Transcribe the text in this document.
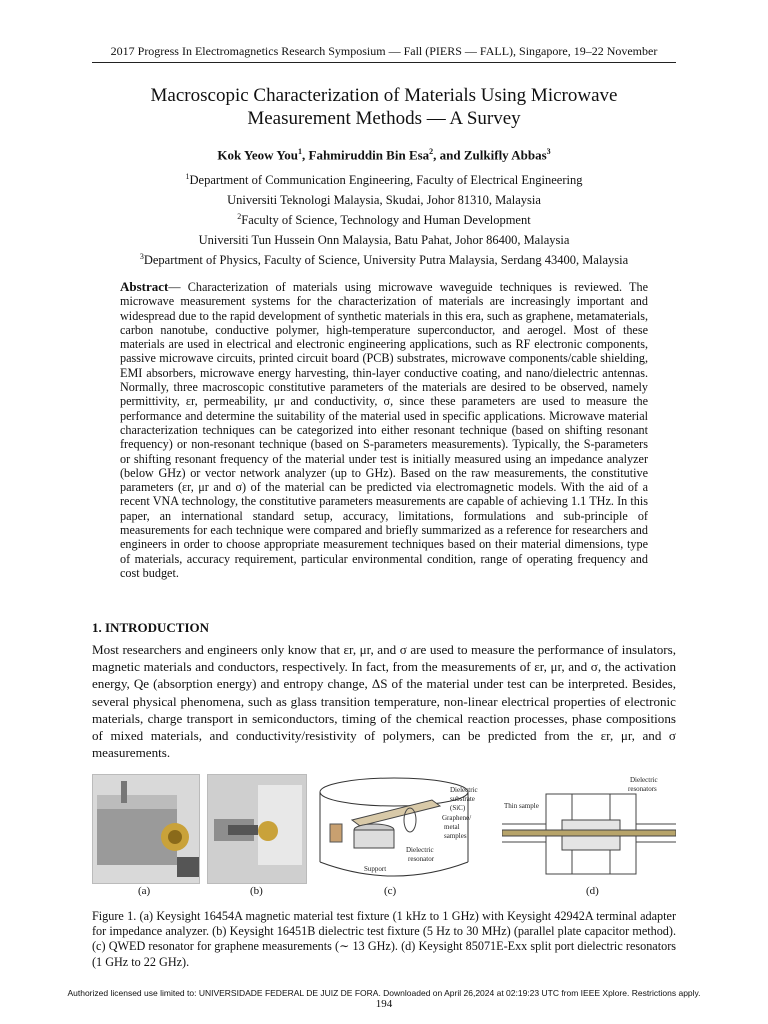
2017 Progress In Electromagnetics Research Symposium — Fall (PIERS — FALL), Singapore, 19–22 November
Macroscopic Characterization of Materials Using Microwave
Measurement Methods — A Survey
Kok Yeow You$^1$, Fahmiruddin Bin Esa$^2$, and Zulkifly Abbas$^3$
$^1$Department of Communication Engineering, Faculty of Electrical Engineering
Universiti Teknologi Malaysia, Skudai, Johor 81310, Malaysia
$^2$Faculty of Science, Technology and Human Development
Universiti Tun Hussein Onn Malaysia, Batu Pahat, Johor 86400, Malaysia
$^3$Department of Physics, Faculty of Science, University Putra Malaysia, Serdang 43400, Malaysia
Abstract— Characterization of materials using microwave waveguide techniques is reviewed. The microwave measurement systems for the characterization of materials are increasingly important and widespread due to the rapid development of synthetic materials in this era, such as graphene, metamaterials, carbon nanotube, conductive polymer, high-temperature superconductor, and aerogel. Most of these materials are used in electrical and electronic engineering applications, such as RF electronic components, passive microwave circuits, printed circuit board (PCB) substrates, microwave components/cable shielding, EMI absorbers, microwave energy harvesting, thin-layer conductive coating, and nano/dielectric antennas. Normally, three macroscopic constitutive parameters of the materials are desired to be observed, namely permittivity, εr, permeability, μr and conductivity, σ, since these parameters are used to measure the performance and determine the suitability of the material used in specific applications. Microwave material characterization techniques can be categorized into either resonant technique (based on shifting resonant frequency) or non-resonant technique (based on S-parameters measurements). Typically, the S-parameters or shifting resonant frequency of the material under test is initially measured using an impedance analyzer (below GHz) or vector network analyzer (up to GHz). Based on the raw measurements, the constitutive parameters (εr, μr and σ) of the material can be predicted via electromagnetic models. With the aid of a recent VNA technology, the constitutive parameters measurements are capable of achieving 1.1 THz. In this paper, an international standard setup, accuracy, limitations, formulations and sub-principle of measurements for each technique were compared and briefly summarized as a reference for researchers and engineers in order to choose appropriate measurement techniques based on their material dimensions, type of materials, accuracy requirement, particular environmental condition, range of operating frequency and cost budget.
1. INTRODUCTION
Most researchers and engineers only know that εr, μr, and σ are used to measure the performance of insulators, magnetic materials and conductors, respectively. In fact, from the measurements of εr, μr, and σ, the activation energy, Qe (absorption energy) and entropy change, ΔS of the material under test can be interpreted. Besides, several physical phenomena, such as glass transition temperature, non-linear electrical properties of electronic materials, charge transport in semiconductors, timing of the chemical reaction processes, phase compositions of mixed materials, and conductivity/resistivity of polymers, can be predicted from the εr, μr, and σ measurements.
Dielectric
substrate
(SiC)
Graphene/
metal
samples
Dielectric
resonator
Support
Dielectric
resonators
Thin sample
(a)	(b)	(c)	(d)
Figure 1. (a) Keysight 16454A magnetic material test fixture (1 kHz to 1 GHz) with Keysight 42942A terminal adapter for impedance analyzer. (b) Keysight 16451B dielectric test fixture (5 Hz to 30 MHz) (parallel plate capacitor method). (c) QWED resonator for graphene measurements (∼ 13 GHz). (d) Keysight 85071E-Exx split port dielectric resonators (1 GHz to 22 GHz).
Authorized licensed use limited to: UNIVERSIDADE FEDERAL DE JUIZ DE FORA. Downloaded on April 26,2024 at 02:19:23 UTC from IEEE Xplore. Restrictions apply.
194
